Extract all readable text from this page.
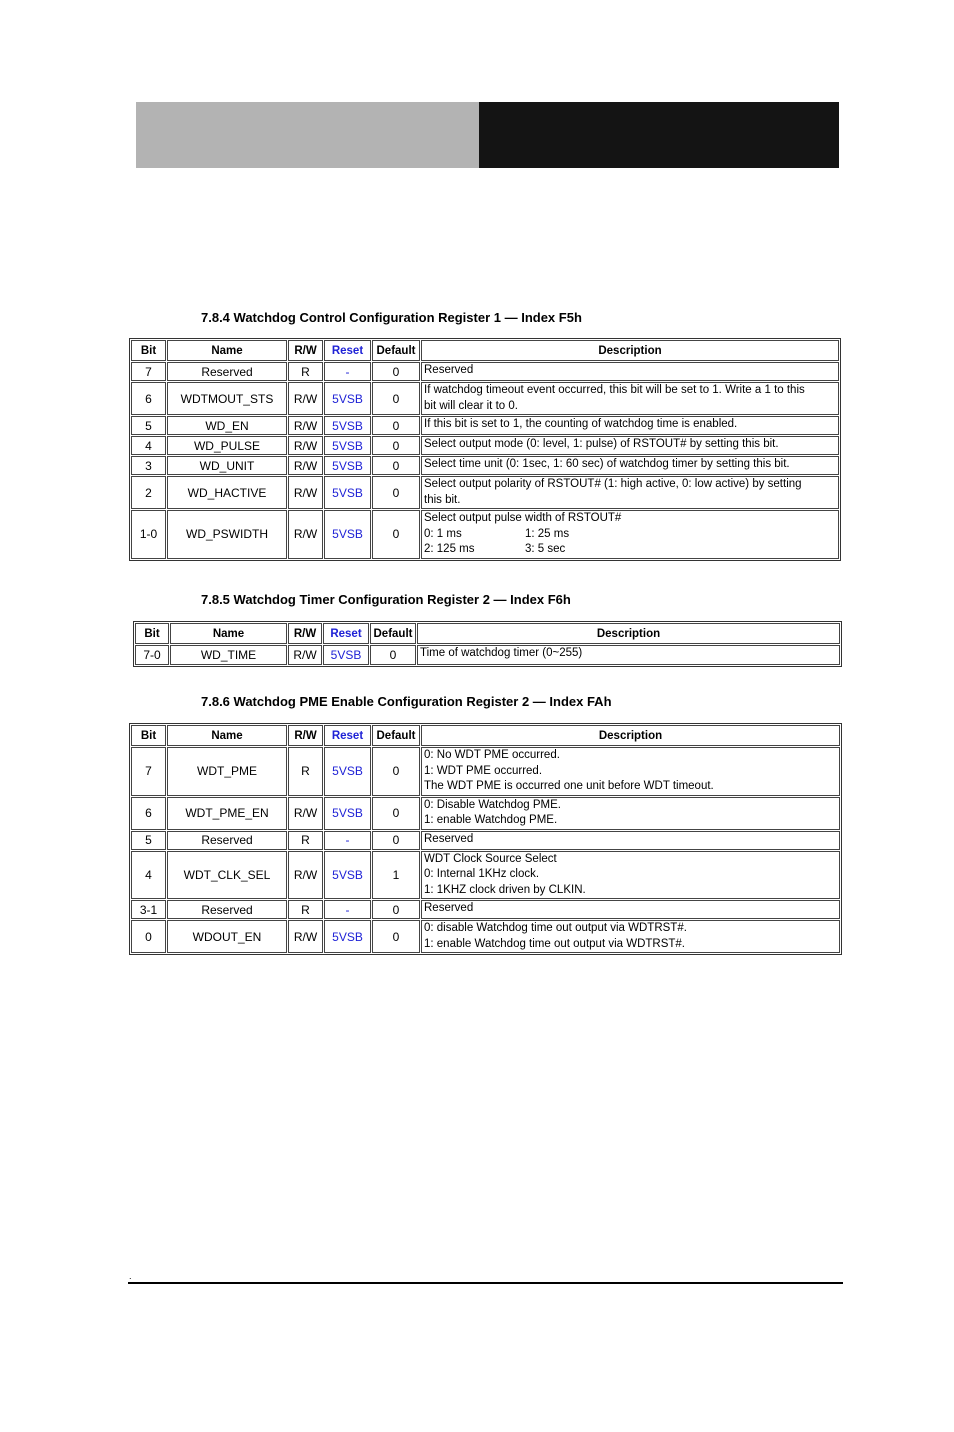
7.8.4 Watchdog Control Configuration Register 1 — Index F5h
Bit	Name	R/W	Reset	Default	Description
7	Reserved	R	-	0	Reserved

6	WDTMOUT_STS	R/W	5VSB	0	If watchdog timeout event occurred, this bit will be set to 1. Write a 1 to this
bit will clear it to 0.

5	WD_EN	R/W	5VSB	0	If this bit is set to 1, the counting of watchdog time is enabled.

4	WD_PULSE	R/W	5VSB	0	Select output mode (0: level, 1: pulse) of RSTOUT# by setting this bit.

3	WD_UNIT	R/W	5VSB	0	Select time unit (0: 1sec, 1: 60 sec) of watchdog timer by setting this bit.

2	WD_HACTIVE	R/W	5VSB	0	Select output polarity of RSTOUT# (1: high active, 0: low active) by setting
this bit.

1-0	WD_PSWIDTH	R/W	5VSB	0	Select output pulse width of RSTOUT#
0: 1 ms 1: 25 ms
2: 125 ms 3: 5 sec
7.8.5 Watchdog Timer Configuration Register 2 — Index F6h
Bit	Name	R/W	Reset	Default	Description
7-0	WD_TIME	R/W	5VSB	0	Time of watchdog timer (0~255)
7.8.6 Watchdog PME Enable Configuration Register 2 — Index FAh
Bit	Name	R/W	Reset	Default	Description
7	WDT_PME	R	5VSB	0	0: No WDT PME occurred.
1: WDT PME occurred.
The WDT PME is occurred one unit before WDT timeout.

6	WDT_PME_EN	R/W	5VSB	0	0: Disable Watchdog PME.
1: enable Watchdog PME.

5	Reserved	R	-	0	Reserved

4	WDT_CLK_SEL	R/W	5VSB	1	WDT Clock Source Select
0: Internal 1KHz clock.
1: 1KHZ clock driven by CLKIN.

3-1	Reserved	R	-	0	Reserved

0	WDOUT_EN	R/W	5VSB	0	0: disable Watchdog time out output via WDTRST#.
1: enable Watchdog time out output via WDTRST#.
.
